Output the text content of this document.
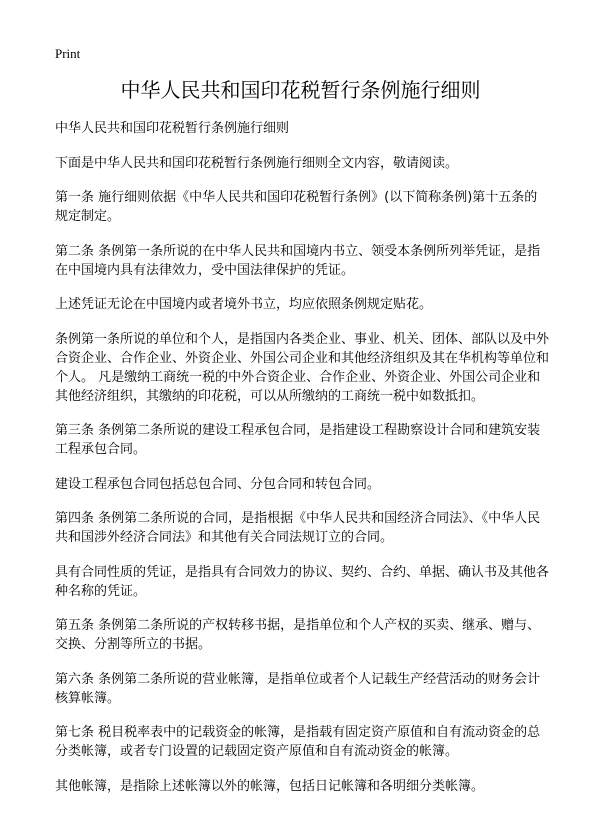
Print
中华人民共和国印花税暂行条例施行细则

中华人民共和国印花税暂行条例施行细则

下面是中华人民共和国印花税暂行条例施行细则全文内容，敬请阅读。

第一条 施行细则依据《中华人民共和国印花税暂行条例》(以下简称条例)第十五条的规定制定。

第二条 条例第一条所说的在中华人民共和国境内书立、领受本条例所列举凭证，是指在中国境内具有法律效力，受中国法律保护的凭证。

上述凭证无论在中国境内或者境外书立，均应依照条例规定贴花。

条例第一条所说的单位和个人，是指国内各类企业、事业、机关、团体、部队以及中外合资企业、合作企业、外资企业、外国公司企业和其他经济组织及其在华机构等单位和个人。 凡是缴纳工商统一税的中外合资企业、合作企业、外资企业、外国公司企业和其他经济组织，其缴纳的印花税，可以从所缴纳的工商统一税中如数抵扣。

第三条 条例第二条所说的建设工程承包合同，是指建设工程勘察设计合同和建筑安装工程承包合同。

建设工程承包合同包括总包合同、分包合同和转包合同。

第四条 条例第二条所说的合同，是指根据《中华人民共和国经济合同法》、《中华人民共和国涉外经济合同法》和其他有关合同法规订立的合同。

具有合同性质的凭证，是指具有合同效力的协议、契约、合约、单据、确认书及其他各种名称的凭证。

第五条 条例第二条所说的产权转移书据，是指单位和个人产权的买卖、继承、赠与、交换、分割等所立的书据。

第六条 条例第二条所说的营业帐簿，是指单位或者个人记载生产经营活动的财务会计核算帐簿。

第七条 税目税率表中的记载资金的帐簿，是指载有固定资产原值和自有流动资金的总分类帐簿，或者专门设置的记载固定资产原值和自有流动资金的帐簿。

其他帐簿，是指除上述帐簿以外的帐簿，包括日记帐簿和各明细分类帐簿。
